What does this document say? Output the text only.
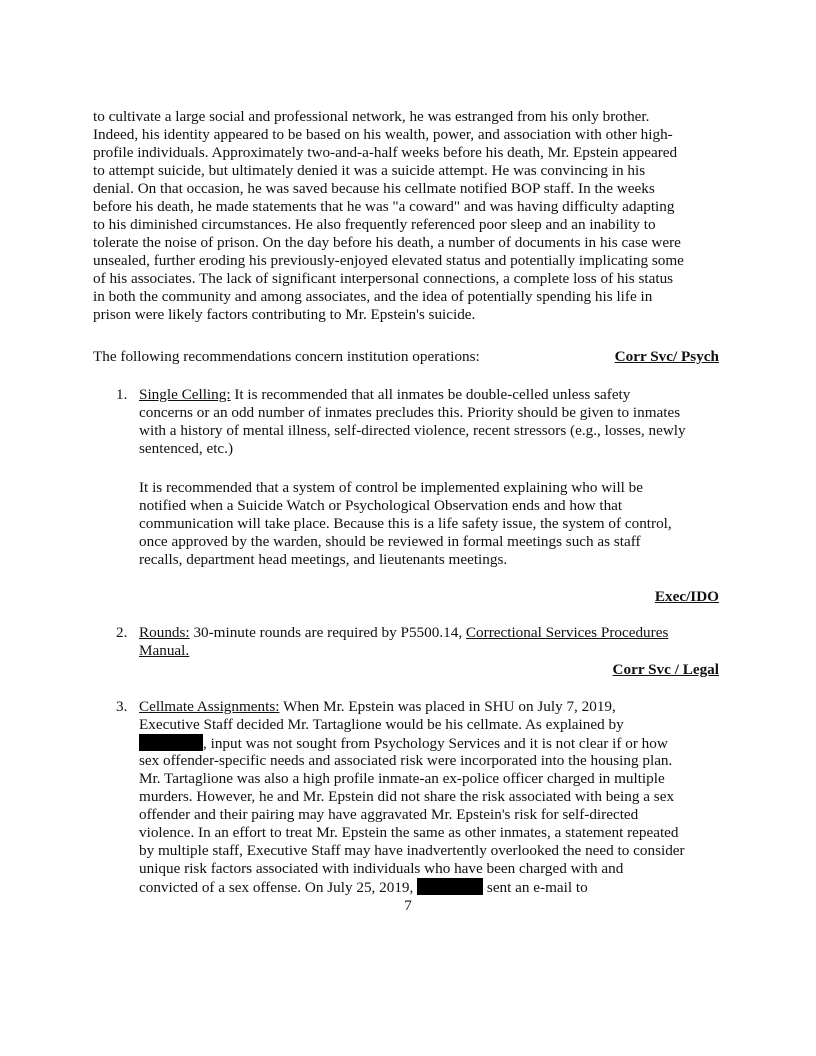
to cultivate a large social and professional network, he was estranged from his only brother.
Indeed, his identity appeared to be based on his wealth, power, and association with other high-
profile individuals. Approximately two-and-a-half weeks before his death, Mr. Epstein appeared
to attempt suicide, but ultimately denied it was a suicide attempt. He was convincing in his
denial. On that occasion, he was saved because his cellmate notified BOP staff. In the weeks
before his death, he made statements that he was "a coward" and was having difficulty adapting
to his diminished circumstances. He also frequently referenced poor sleep and an inability to
tolerate the noise of prison. On the day before his death, a number of documents in his case were
unsealed, further eroding his previously-enjoyed elevated status and potentially implicating some
of his associates. The lack of significant interpersonal connections, a complete loss of his status
in both the community and among associates, and the idea of potentially spending his life in
prison were likely factors contributing to Mr. Epstein's suicide.
The following recommendations concern institution operations:	Corr Svc/ Psych
1. Single Celling: It is recommended that all inmates be double-celled unless safety
concerns or an odd number of inmates precludes this. Priority should be given to inmates
with a history of mental illness, self-directed violence, recent stressors (e.g., losses, newly
sentenced, etc.)
It is recommended that a system of control be implemented explaining who will be
notified when a Suicide Watch or Psychological Observation ends and how that
communication will take place. Because this is a life safety issue, the system of control,
once approved by the warden, should be reviewed in formal meetings such as staff
recalls, department head meetings, and lieutenants meetings.
Exec/IDO
2. Rounds: 30-minute rounds are required by P5500.14, Correctional Services Procedures
Manual.
Corr Svc / Legal
3. Cellmate Assignments: When Mr. Epstein was placed in SHU on July 7, 2019,
Executive Staff decided Mr. Tartaglione would be his cellmate. As explained by
, input was not sought from Psychology Services and it is not clear if or how
sex offender-specific needs and associated risk were incorporated into the housing plan.
Mr. Tartaglione was also a high profile inmate-an ex-police officer charged in multiple
murders. However, he and Mr. Epstein did not share the risk associated with being a sex
offender and their pairing may have aggravated Mr. Epstein's risk for self-directed
violence. In an effort to treat Mr. Epstein the same as other inmates, a statement repeated
by multiple staff, Executive Staff may have inadvertently overlooked the need to consider
unique risk factors associated with individuals who have been charged with and
convicted of a sex offense. On July 25, 2019,	sent an e-mail to
7
